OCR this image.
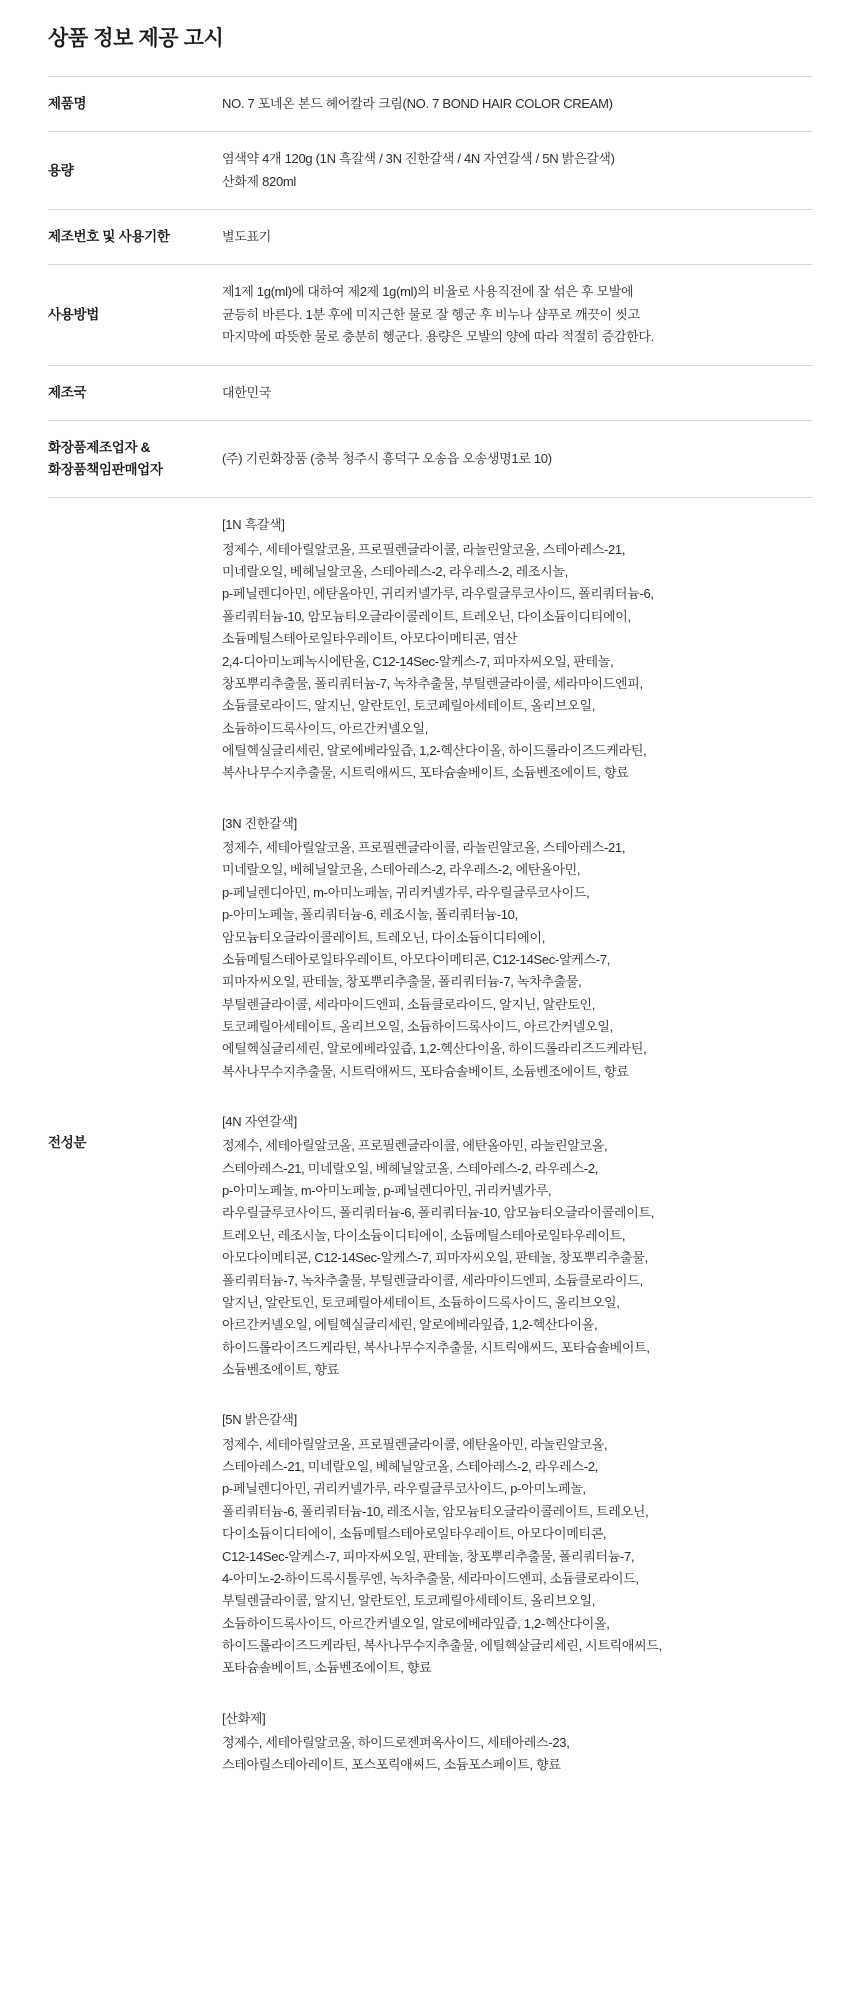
상품 정보 제공 고시
제품명	NO. 7 포네온 본드 헤어칼라 크림(NO. 7 BOND HAIR COLOR CREAM)

용량	염색약 4개 120g (1N 흑갈색 / 3N 진한갈색 / 4N 자연갈색 / 5N 밝은갈색)
산화제 820ml

제조번호 및 사용기한	별도표기

사용방법	제1제 1g(ml)에 대하여 제2제 1g(ml)의 비율로 사용직전에 잘 섞은 후 모발에
균등히 바른다. 1분 후에 미지근한 물로 잘 헹군 후 비누나 샴푸로 깨끗이 씻고
마지막에 따뜻한 물로 충분히 헹군다. 용량은 모발의 양에 따라 적절히 증감한다.

제조국	대한민국

화장품제조업자 &
화장품책임판매업자	(주) 기린화장품 (충북 청주시 흥덕구 오송읍 오송생명1로 10)

전성분	
[1N 흑갈색]
정제수, 세테아릴알코올, 프로필렌글라이콜, 라놀린알코올, 스테아레스-21,
미네랄오일, 베헤닐알코올, 스테아레스-2, 라우레스-2, 레조시놀,
p-페닐렌디아민, 에탄올아민, 귀리커넬가루, 라우릴글루코사이드, 폴리쿼터늄-6,
폴리쿼터늄-10, 암모늄티오글라이콜레이트, 트레오닌, 다이소듐이디티에이,
소듐메틸스테아로일타우레이트, 아모다이메티콘, 염산
2,4-디아미노페녹시에탄올, C12-14Sec-알케스-7, 피마자씨오일, 판테놀,
창포뿌리추출물, 폴리쿼터늄-7, 녹차추출물, 부틸렌글라이콜, 세라마이드엔피,
소듐클로라이드, 알지닌, 알란토인, 토코페릴아세테이트, 올리브오일,
소듐하이드록사이드, 아르간커넬오일,
에틸헥실글리세린, 알로에베라잎즙, 1,2-헥산다이올, 하이드롤라이즈드케라틴,
복사나무수지추출물, 시트릭애씨드, 포타슘솔베이트, 소듐벤조에이트, 향료
[3N 진한갈색]
정제수, 세테아릴알코올, 프로필렌글라이콜, 라놀린알코올, 스테아레스-21,
미네랄오일, 베헤닐알코올, 스테아레스-2, 라우레스-2, 에탄올아민,
p-페닐렌디아민, m-아미노페놀, 귀리커넬가루, 라우릴글루코사이드,
p-아미노페놀, 폴리쿼터늄-6, 레조시놀, 폴리쿼터늄-10,
암모늄티오글라이콜레이트, 트레오닌, 다이소듐이디티에이,
소듐메틸스테아로일타우레이트, 아모다이메티콘, C12-14Sec-알케스-7,
피마자씨오일, 판테놀, 창포뿌리추출물, 폴리쿼터늄-7, 녹차추출물,
부틸렌글라이콜, 세라마이드엔피, 소듐클로라이드, 알지닌, 알란토인,
토코페릴아세테이트, 올리브오일, 소듐하이드록사이드, 아르간커넬오일,
에틸헥실글리세린, 알로에베라잎즙, 1,2-헥산다이올, 하이드롤라리즈드케라틴,
복사나무수지추출물, 시트릭애씨드, 포타슘솔베이트, 소듐벤조에이트, 향료
[4N 자연갈색]
정제수, 세테아릴알코올, 프로필렌글라이콜, 에탄올아민, 라놀린알코올,
스테아레스-21, 미네랄오일, 베헤닐알코올, 스테아레스-2, 라우레스-2,
p-아미노페놀, m-아미노페놀, p-페닐렌디아민, 귀리커넬가루,
라우릴글루코사이드, 폴리쿼터늄-6, 폴리쿼터늄-10, 암모늄티오글라이콜레이트,
트레오닌, 레조시놀, 다이소듐이디티에이, 소듐메틸스테아로일타우레이트,
아모다이메티콘, C12-14Sec-알케스-7, 피마자씨오일, 판테놀, 창포뿌리추출물,
폴리쿼터늄-7, 녹차추출물, 부틸렌글라이콜, 세라마이드엔피, 소듐클로라이드,
알지닌, 알란토인, 토코페릴아세테이트, 소듐하이드록사이드, 올리브오일,
아르간커넬오일, 에틸헥실글리세린, 알로에베라잎즙, 1,2-헥산다이올,
하이드롤라이즈드케라틴, 복사나무수지추출물, 시트릭애씨드, 포타슘솔베이트,
소듐벤조에이트, 향료
[5N 밝은갈색]
정제수, 세테아릴알코올, 프로필렌글라이콜, 에탄올아민, 라놀린알코올,
스테아레스-21, 미네랄오일, 베헤닐알코올, 스테아레스-2, 라우레스-2,
p-페닐렌디아민, 귀리커넬가루, 라우릴글루코사이드, p-아미노페놀,
폴리쿼터늄-6, 폴리쿼터늄-10, 레조시놀, 암모늄티오글라이콜레이트, 트레오닌,
다이소듐이디티에이, 소듐메틸스테아로일타우레이트, 아모다이메티콘,
C12-14Sec-알케스-7, 피마자씨오일, 판테놀, 창포뿌리추출물, 폴리쿼터늄-7,
4-아미노-2-하이드록시톨루엔, 녹차추출물, 세라마이드엔피, 소듐클로라이드,
부틸렌글라이콜, 알지닌, 알란토인, 토코페릴아세테이트, 올리브오일,
소듐하이드록사이드, 아르간커넬오일, 알로에베라잎즙, 1,2-헥산다이올,
하이드롤라이즈드케라틴, 복사나무수지추출물, 에틸헥살글리세린, 시트릭애씨드,
포타슘솔베이트, 소듐벤조에이트, 향료
[산화제]
정제수, 세테아릴알코올, 하이드로젠퍼옥사이드, 세테아레스-23,
스테아릴스테아레이트, 포스포릭애씨드, 소듐포스페이트, 향료
